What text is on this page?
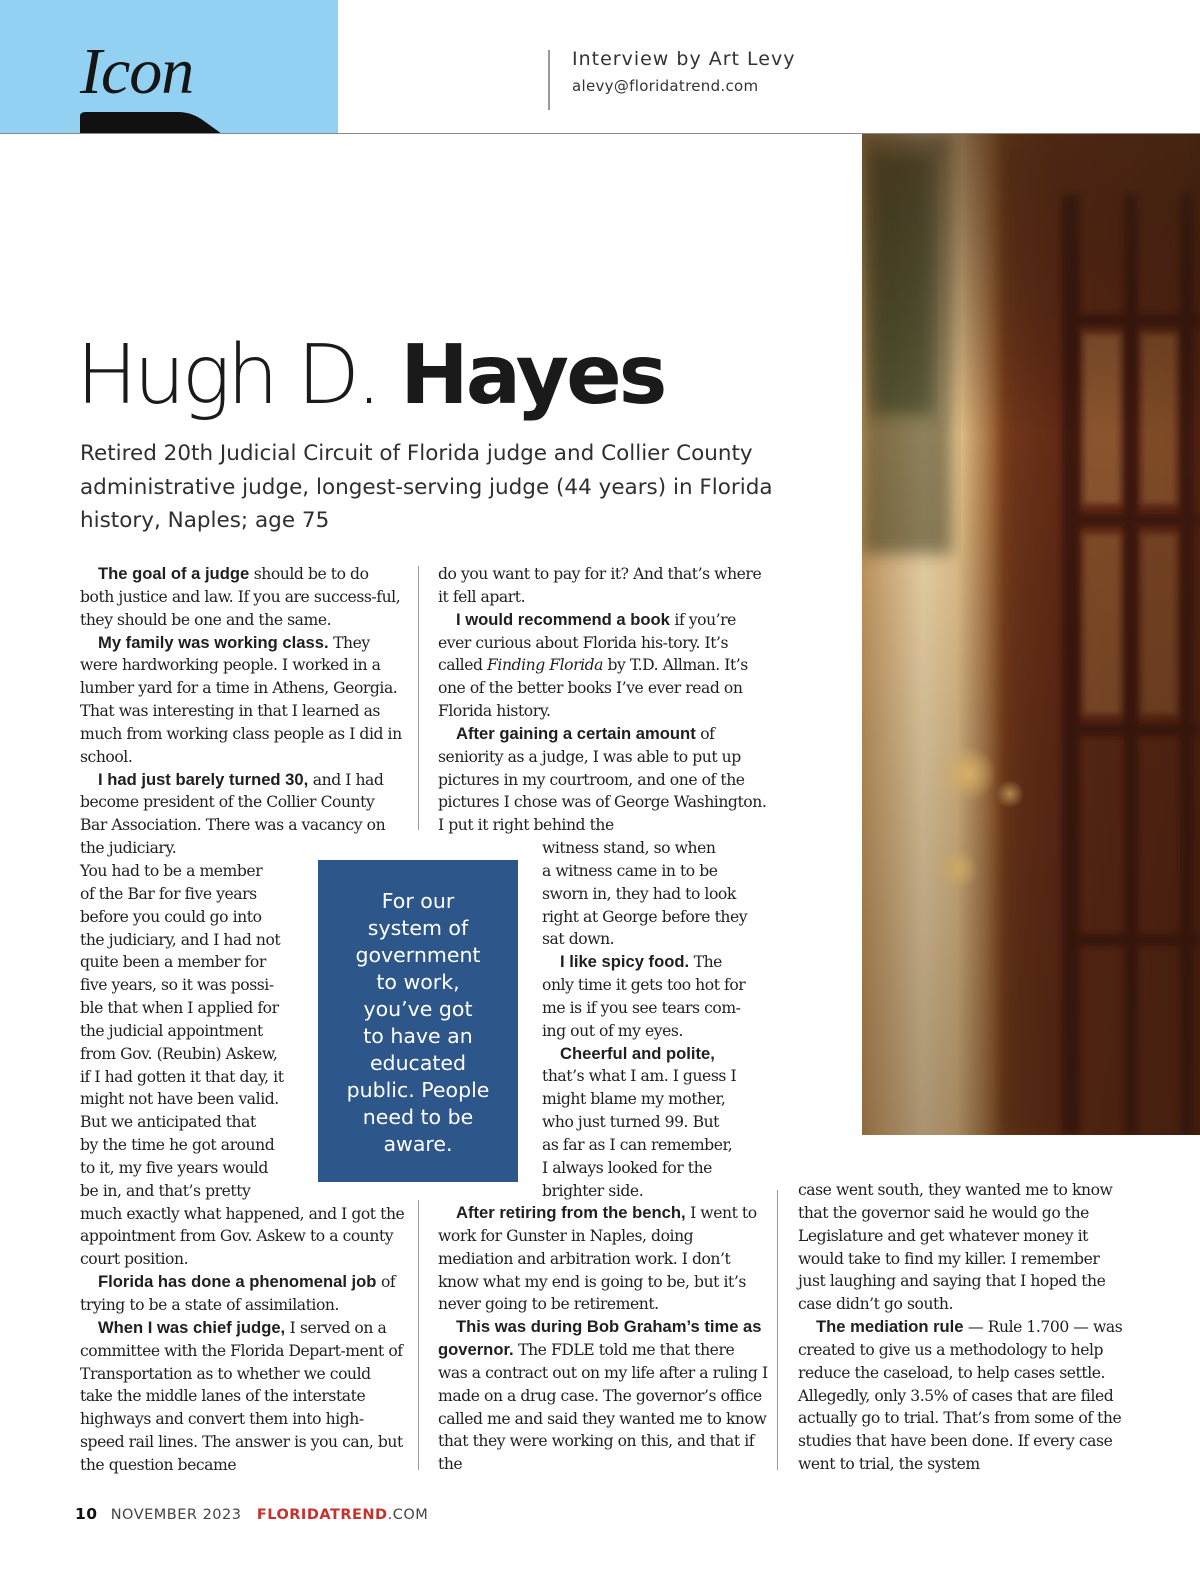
Icon	Interview by Art Levy
alevy@floridatrend.com
Hugh D. Hayes
Retired 20th Judicial Circuit of Florida judge and Collier County administrative judge, longest-serving judge (44 years) in Florida history, Naples; age 75

The goal of a judge should be to do both justice and law. If you are success-ful, they should be one and the same.

My family was working class. They were hardworking people. I worked in a lumber yard for a time in Athens, Georgia. That was interesting in that I learned as much from working class people as I did in school.

I had just barely turned 30, and I had become president of the Collier County Bar Association. There was a vacancy on the judiciary.

You had to be a member
of the Bar for five years
before you could go into
the judiciary, and I had not
quite been a member for
five years, so it was possi-
ble that when I applied for
the judicial appointment
from Gov. (Reubin) Askew,
if I had gotten it that day, it
might not have been valid.
But we anticipated that
by the time he got around
to it, my five years would
be in, and that’s pretty

much exactly what happened, and I got the appointment from Gov. Askew to a county court position.

Florida has done a phenomenal job of trying to be a state of assimilation.

When I was chief judge, I served on a committee with the Florida Depart-ment of Transportation as to whether we could take the middle lanes of the interstate highways and convert them into high-speed rail lines. The answer is you can, but the question became

do you want to pay for it? And that’s where it fell apart.

I would recommend a book if you’re ever curious about Florida his-tory. It’s called Finding Florida by T.D. Allman. It’s one of the better books I’ve ever read on Florida history.

After gaining a certain amount of seniority as a judge, I was able to put up pictures in my courtroom, and one of the pictures I chose was of George Washington. I put it right behind the

witness stand, so when
a witness came in to be
sworn in, they had to look
right at George before they
sat down.
I like spicy food. The
only time it gets too hot for
me is if you see tears com-
ing out of my eyes.
Cheerful and polite,
that’s what I am. I guess I
might blame my mother,
who just turned 99. But
as far as I can remember,
I always looked for the
brighter side.

After retiring from the bench, I went to work for Gunster in Naples, doing mediation and arbitration work. I don’t know what my end is going to be, but it’s never going to be retirement.

This was during Bob Graham’s time as governor. The FDLE told me that there was a contract out on my life after a ruling I made on a drug case. The governor’s office called me and said they wanted me to know that they were working on this, and that if the

case went south, they wanted me to know that the governor said he would go the Legislature and get whatever money it would take to find my killer. I remember just laughing and saying that I hoped the case didn’t go south.

The mediation rule — Rule 1.700 — was created to give us a methodology to help reduce the caseload, to help cases settle. Allegedly, only 3.5% of cases that are filed actually go to trial. That’s from some of the studies that have been done. If every case went to trial, the system

For our
system of
government
to work,
you’ve got
to have an
educated
public. People
need to be
aware.
10 NOVEMBER 2023 FLORIDATREND.COM
